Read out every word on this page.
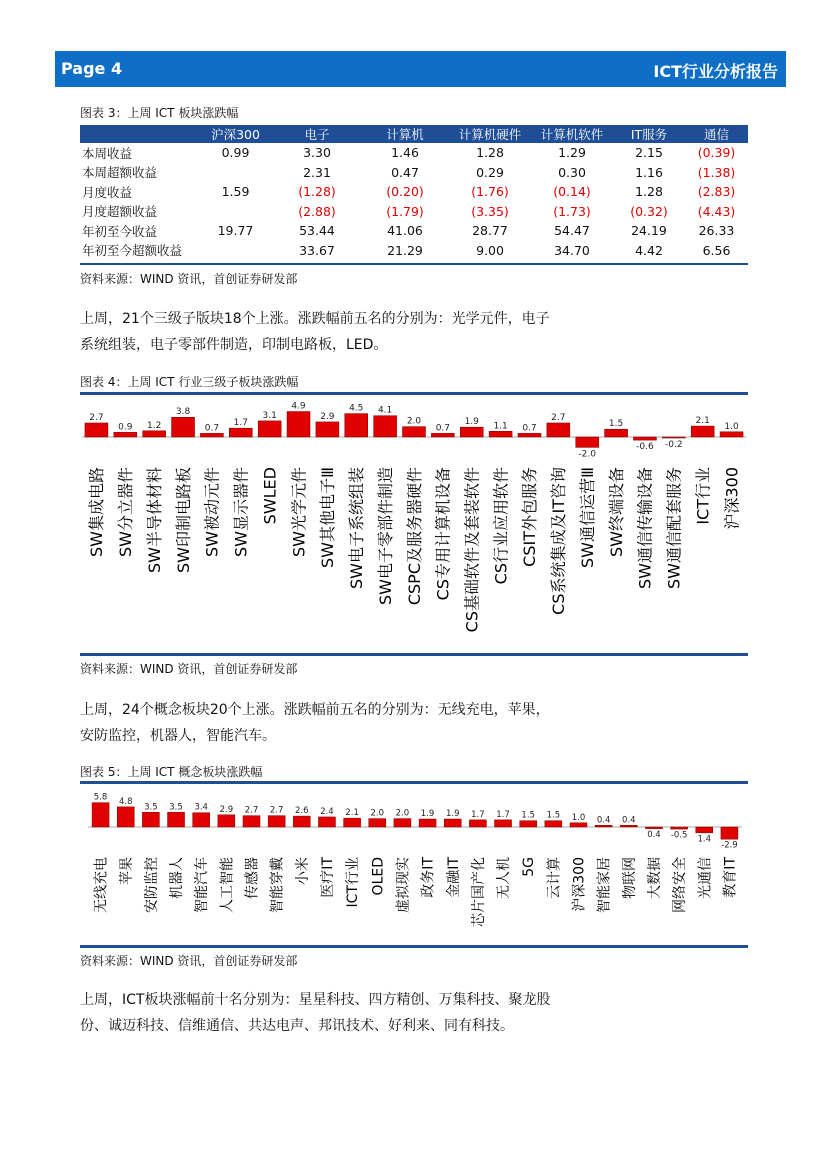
Page 4	ICT行业分析报告
图表 3：上周 ICT 板块涨跌幅
	沪深300	电子	计算机	计算机硬件	计算机软件	IT服务	通信
本周收益	0.99	3.30	1.46	1.28	1.29	2.15	(0.39)
本周超额收益		2.31	0.47	0.29	0.30	1.16	(1.38)
月度收益	1.59	(1.28)	(0.20)	(1.76)	(0.14)	1.28	(2.83)
月度超额收益		(2.88)	(1.79)	(3.35)	(1.73)	(0.32)	(4.43)
年初至今收益	19.77	53.44	41.06	28.77	54.47	24.19	26.33
年初至今超额收益		33.67	21.29	9.00	34.70	4.42	6.56
资料来源：WIND 资讯，首创证券研发部
上周，21个三级子版块18个上涨。涨跌幅前五名的分别为：光学元件，电子系统组装，电子零部件制造，印制电路板，LED。
图表 4：上周 ICT 行业三级子板块涨跌幅
2.7
SW集成电路
0.9
SW分立器件
1.2
SW半导体材料
3.8
SW印制电路板
0.7
SW被动元件
1.7
SW显示器件
3.1
SWLED
4.9
SW光学元件
2.9
SW其他电子Ⅲ
4.5
SW电子系统组装
4.1
SW电子零部件制造
2.0
CSPC及服务器硬件
0.7
CS专用计算机设备
1.9
CS基础软件及套装软件
1.1
CS行业应用软件
0.7
CSIT外包服务
2.7
CS系统集成及IT咨询
-2.0
SW通信运营Ⅲ
1.5
SW终端设备
-0.6
SW通信传输设备
-0.2
SW通信配套服务
2.1
ICT行业
1.0
沪深300
资料来源：WIND 资讯，首创证券研发部
上周，24个概念板块20个上涨。涨跌幅前五名的分别为：无线充电，苹果，安防监控，机器人，智能汽车。
图表 5：上周 ICT 概念板块涨跌幅
5.8
无线充电
4.8
苹果
3.5
安防监控
3.5
机器人
3.4
智能汽车
2.9
人工智能
2.7
传感器
2.7
智能穿戴
2.6
小米
2.4
医疗IT
2.1
ICT行业
2.0
OLED
2.0
虚拟现实
1.9
政务IT
1.9
金融IT
1.7
芯片国产化
1.7
无人机
1.5
5G
1.5
云计算
1.0
沪深300
0.4
智能家居
0.4
物联网
0.4
大数据
-0.5
网络安全
1.4
光通信
-2.9
教育IT
资料来源：WIND 资讯，首创证券研发部
上周，ICT板块涨幅前十名分别为：星星科技、四方精创、万集科技、聚龙股份、诚迈科技、信维通信、共达电声、邦讯技术、好利来、同有科技。
